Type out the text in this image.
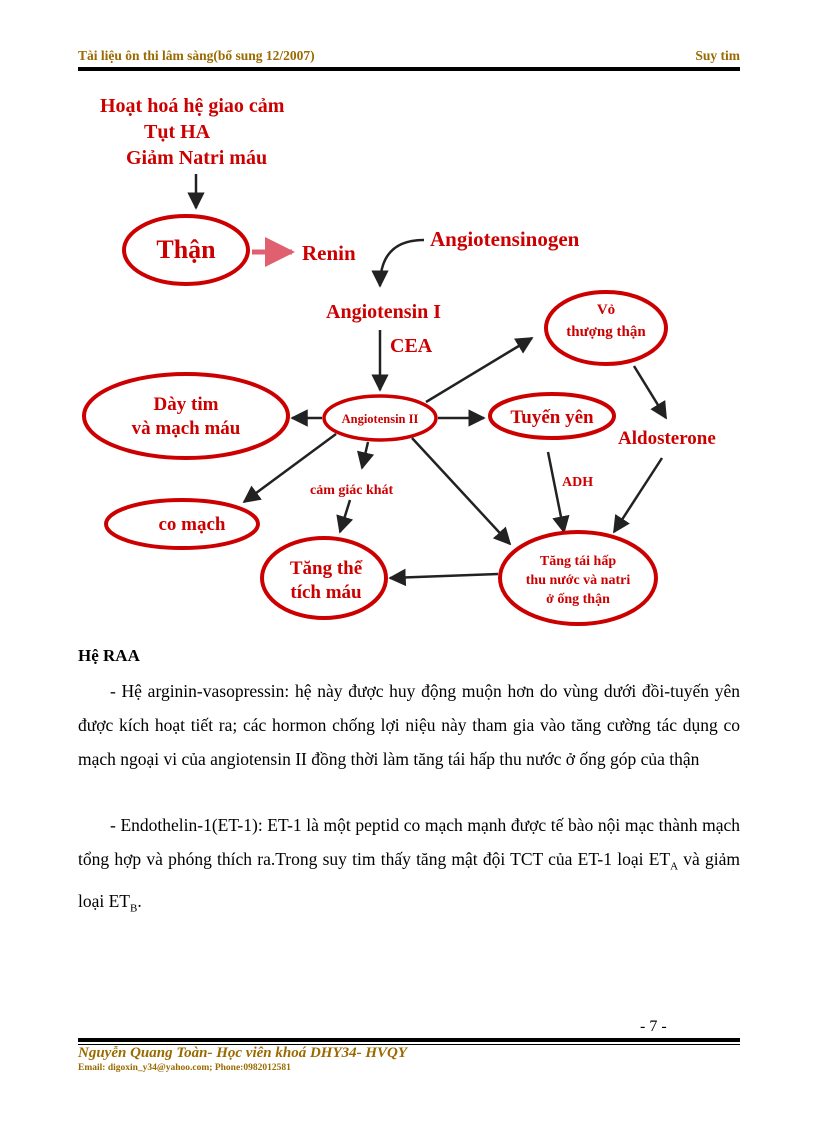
Tài liệu ôn thi lâm sàng(bổ sung 12/2007)	Suy tim
Hoạt hoá hệ giao cảm
Tụt HA
Giảm Natri máu
Thận	Renin
Angiotensinogen
Angiotensin I
CEA
Vỏ
thượng thận
Dày tim
và mạch máu	Angiotensin II	Tuyến yên
Aldosterone
cảm giác khát
ADH
co mạch
Tăng thể
tích máu
Tăng tái hấp
thu nước và natri
ở ống thận
Hệ RAA
- Hệ arginin-vasopressin: hệ này được huy động muộn hơn do vùng dưới đồi-tuyến yên được kích hoạt tiết ra; các hormon chống lợi niệu này tham gia vào tăng cường tác dụng co mạch ngoại vi của angiotensin II đồng thời làm tăng tái hấp thu nước ở ống góp của thận
- Endothelin-1(ET-1): ET-1 là một peptid co mạch mạnh được tế bào nội mạc thành mạch tổng hợp và phóng thích ra.Trong suy tim thấy tăng mật đội TCT của ET-1 loại $ET_A$ và giảm loại $ET_B$.
- 7 -
Nguyễn Quang Toàn- Học viên khoá DHY34- HVQY
Email: digoxin_y34@yahoo.com; Phone:0982012581
